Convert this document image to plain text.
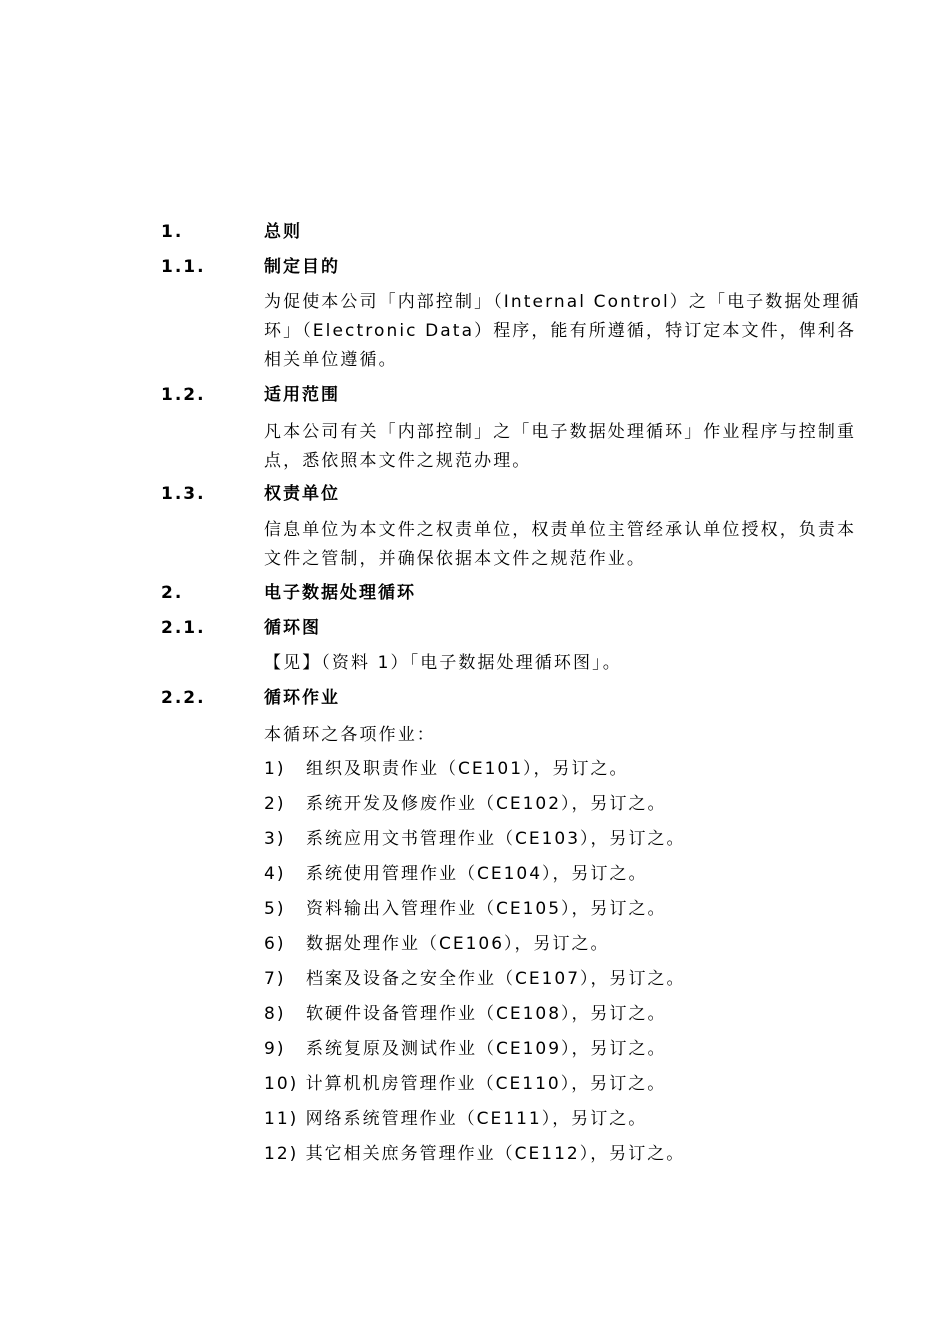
1.	总则
1.1.	制定目的
为促使本公司「内部控制」（Internal Control）之「电子数据处理循环」（Electronic Data）程序，能有所遵循，特订定本文件，俾利各相关单位遵循。
1.2.	适用范围
凡本公司有关「内部控制」之「电子数据处理循环」作业程序与控制重点，悉依照本文件之规范办理。
1.3.	权责单位
信息单位为本文件之权责单位，权责单位主管经承认单位授权，负责本文件之管制，并确保依据本文件之规范作业。
2.	电子数据处理循环
2.1.	循环图
【见】（资料 1）「电子数据处理循环图」。
2.2.	循环作业
本循环之各项作业：
1) 组织及职责作业（CE101），另订之。
2) 系统开发及修废作业（CE102），另订之。
3) 系统应用文书管理作业（CE103），另订之。
4) 系统使用管理作业（CE104），另订之。
5) 资料输出入管理作业（CE105），另订之。
6) 数据处理作业（CE106），另订之。
7) 档案及设备之安全作业（CE107），另订之。
8) 软硬件设备管理作业（CE108），另订之。
9) 系统复原及测试作业（CE109），另订之。
10) 计算机机房管理作业（CE110），另订之。
11) 网络系统管理作业（CE111），另订之。
12) 其它相关庶务管理作业（CE112），另订之。
